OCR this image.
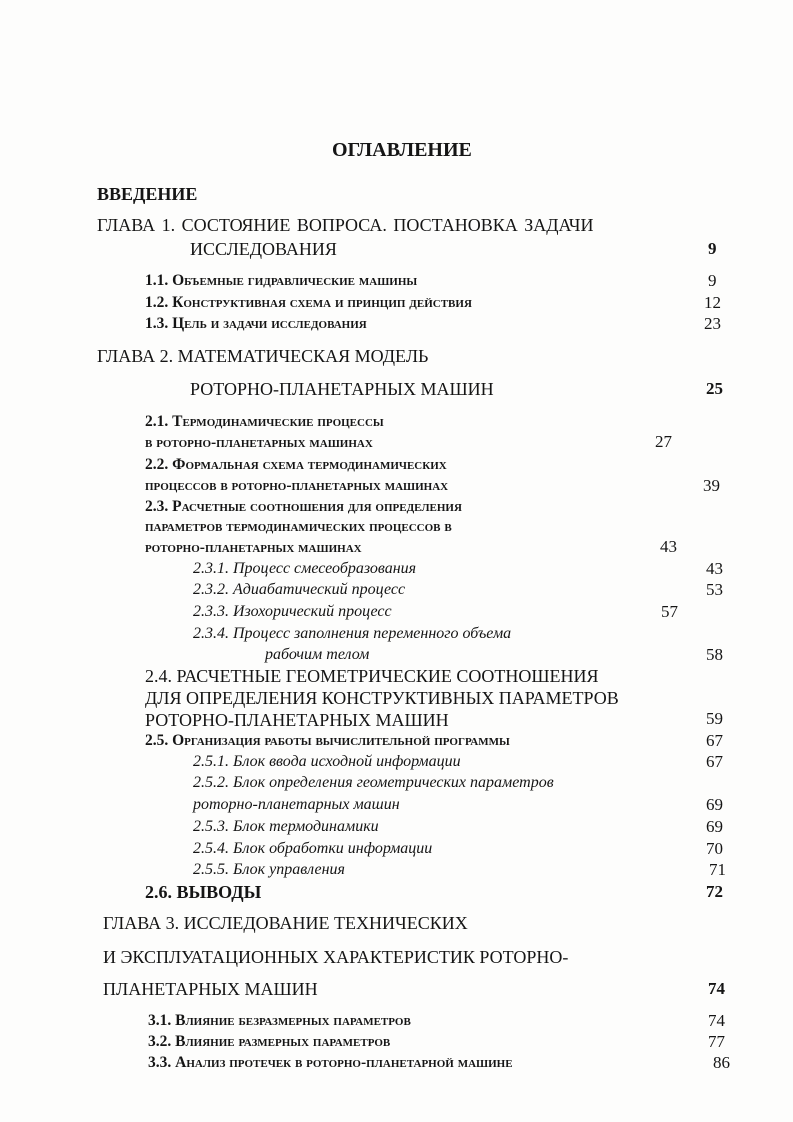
ОГЛАВЛЕНИЕ
ВВЕДЕНИЕ
ГЛАВА 1. СОСТОЯНИЕ ВОПРОСА. ПОСТАНОВКА ЗАДАЧИ
ИССЛЕДОВАНИЯ	9
1.1. Объемные гидравлические машины	9
1.2. Конструктивная схема и принцип действия	12
1.3. Цель и задачи исследования	23
ГЛАВА 2. МАТЕМАТИЧЕСКАЯ МОДЕЛЬ
РОТОРНО-ПЛАНЕТАРНЫХ МАШИН	25
2.1. Термодинамические процессы
в роторно-планетарных машинах	27
2.2. Формальная схема термодинамических
процессов в роторно-планетарных машинах	39
2.3. Расчетные соотношения для определения
параметров термодинамических процессов в
роторно-планетарных машинах	43
2.3.1. Процесс смесеобразования	43
2.3.2. Адиабатический процесс	53
2.3.3. Изохорический процесс	57
2.3.4. Процесс заполнения переменного объема
рабочим телом	58
2.4. РАСЧЕТНЫЕ ГЕОМЕТРИЧЕСКИЕ СООТНОШЕНИЯ
ДЛЯ ОПРЕДЕЛЕНИЯ КОНСТРУКТИВНЫХ ПАРАМЕТРОВ
РОТОРНО-ПЛАНЕТАРНЫХ МАШИН	59
2.5. Организация работы вычислительной программы	67
2.5.1. Блок ввода исходной информации	67
2.5.2. Блок определения геометрических параметров
роторно-планетарных машин	69
2.5.3. Блок термодинамики	69
2.5.4. Блок обработки информации	70
2.5.5. Блок управления	71
2.6. ВЫВОДЫ	72
ГЛАВА 3. ИССЛЕДОВАНИЕ ТЕХНИЧЕСКИХ
И ЭКСПЛУАТАЦИОННЫХ ХАРАКТЕРИСТИК РОТОРНО-
ПЛАНЕТАРНЫХ МАШИН	74
3.1. Влияние безразмерных параметров	74
3.2. Влияние размерных параметров	77
3.3. Анализ протечек в роторно-планетарной машине	86
